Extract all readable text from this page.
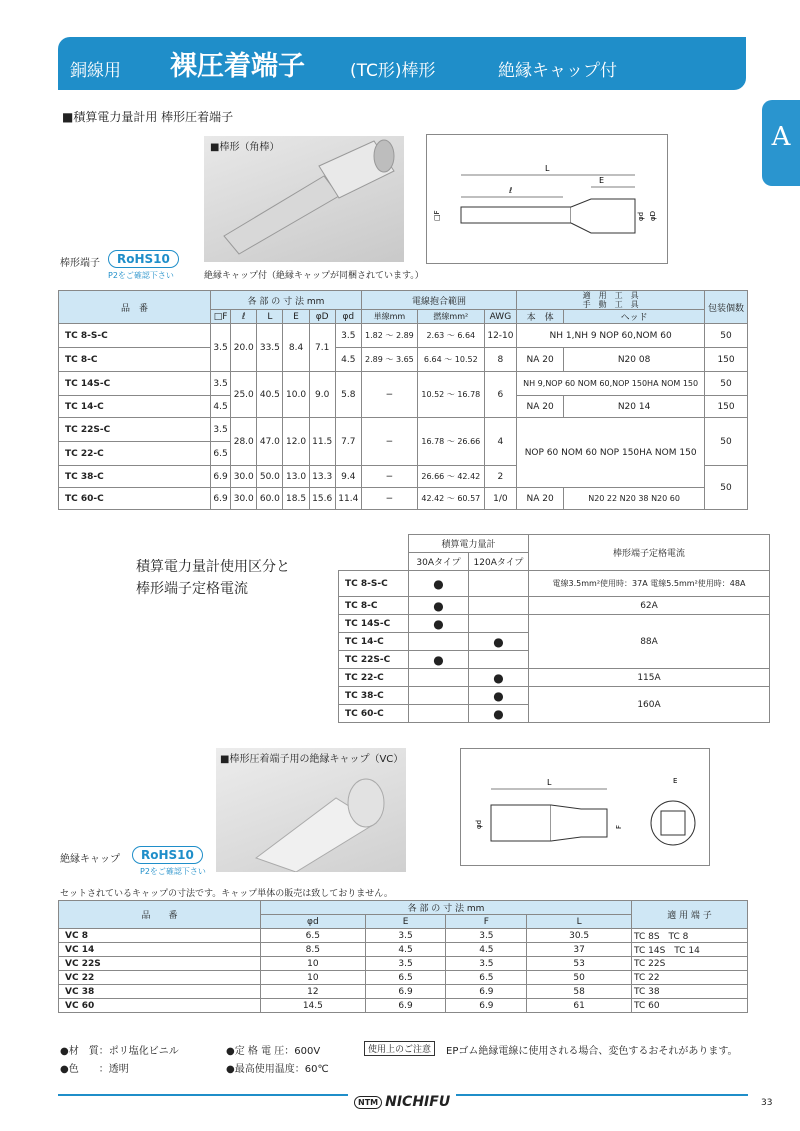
銅線用 裸圧着端子	(TC形)棒形	絶縁キャップ付
A
■積算電力量計用 棒形圧着端子
■棒形（角棒）
絶縁キャップ付（絶縁キャップが同梱されています。）
棒形端子	RoHS10
P2をご確認下さい
L
E
ℓ
□F	φd φD
品　番	各 部 の 寸 法 mm						電線抱合範囲			適　用　工　具
手　動　工　具		包装個数
	□F	ℓ	L	E	φD	φd	単線mm	撚線mm²	AWG	本　体	ヘッド	
TC 8-S-C	3.5	20.0	33.5	8.4	7.1	3.5	1.82 〜 2.89	2.63 〜 6.64	12-10	NH 1,NH 9 NOP 60,NOM 60		50
TC 8-C						4.5	2.89 〜 3.65	6.64 〜 10.52	8	NA 20	N20 08	150
TC 14S-C	3.5	25.0	40.5	10.0	9.0	5.8	−	10.52 〜 16.78	6	NH 9,NOP 60 NOM 60,NOP 150HA NOM 150		50
TC 14-C	4.5									NA 20	N20 14	150
TC 22S-C	3.5	28.0	47.0	12.0	11.5	7.7	−	16.78 〜 26.66	4	NOP 60 NOM 60 NOP 150HA NOM 150		50
TC 22-C	6.5											
TC 38-C	6.9	30.0	50.0	13.0	13.3	9.4	−	26.66 〜 42.42	2			50
TC 60-C	6.9	30.0	60.0	18.5	15.6	11.4	−	42.42 〜 60.57	1/0	NA 20	N20 22 N20 38 N20 60	
積算電力量計使用区分と
棒形端子定格電流
	積算電力量計		棒形端子定格電流
	30Aタイプ	120Aタイプ	
TC 8-S-C	●		電線3.5mm²使用時：37A 電線5.5mm²使用時：48A
TC 8-C	●		62A
TC 14S-C	●		88A
TC 14-C		●	
TC 22S-C	●		
TC 22-C		●	115A
TC 38-C		●	160A
TC 60-C		●	
■棒形圧着端子用の絶縁キャップ（VC）
絶縁キャップ	RoHS10
P2をご確認下さい
L
φd	F
E
セットされているキャップの寸法です。キャップ単体の販売は致しておりません。
品　　番	各 部 の 寸 法 mm				適 用 端 子
	φd	E	F	L	
VC 8	6.5	3.5	3.5	30.5	TC 8S　TC 8
VC 14	8.5	4.5	4.5	37	TC 14S　TC 14
VC 22S	10	3.5	3.5	53	TC 22S
VC 22	10	6.5	6.5	50	TC 22
VC 38	12	6.9	6.9	58	TC 38
VC 60	14.5	6.9	6.9	61	TC 60
●材　質：ポリ塩化ビニル
●色　　：透明
●定 格 電 圧：600V
●最高使用温度：60℃
使用上のご注意	EPゴム絶縁電線に使用される場合、変色するおそれがあります。
NTM NICHIFU	33
